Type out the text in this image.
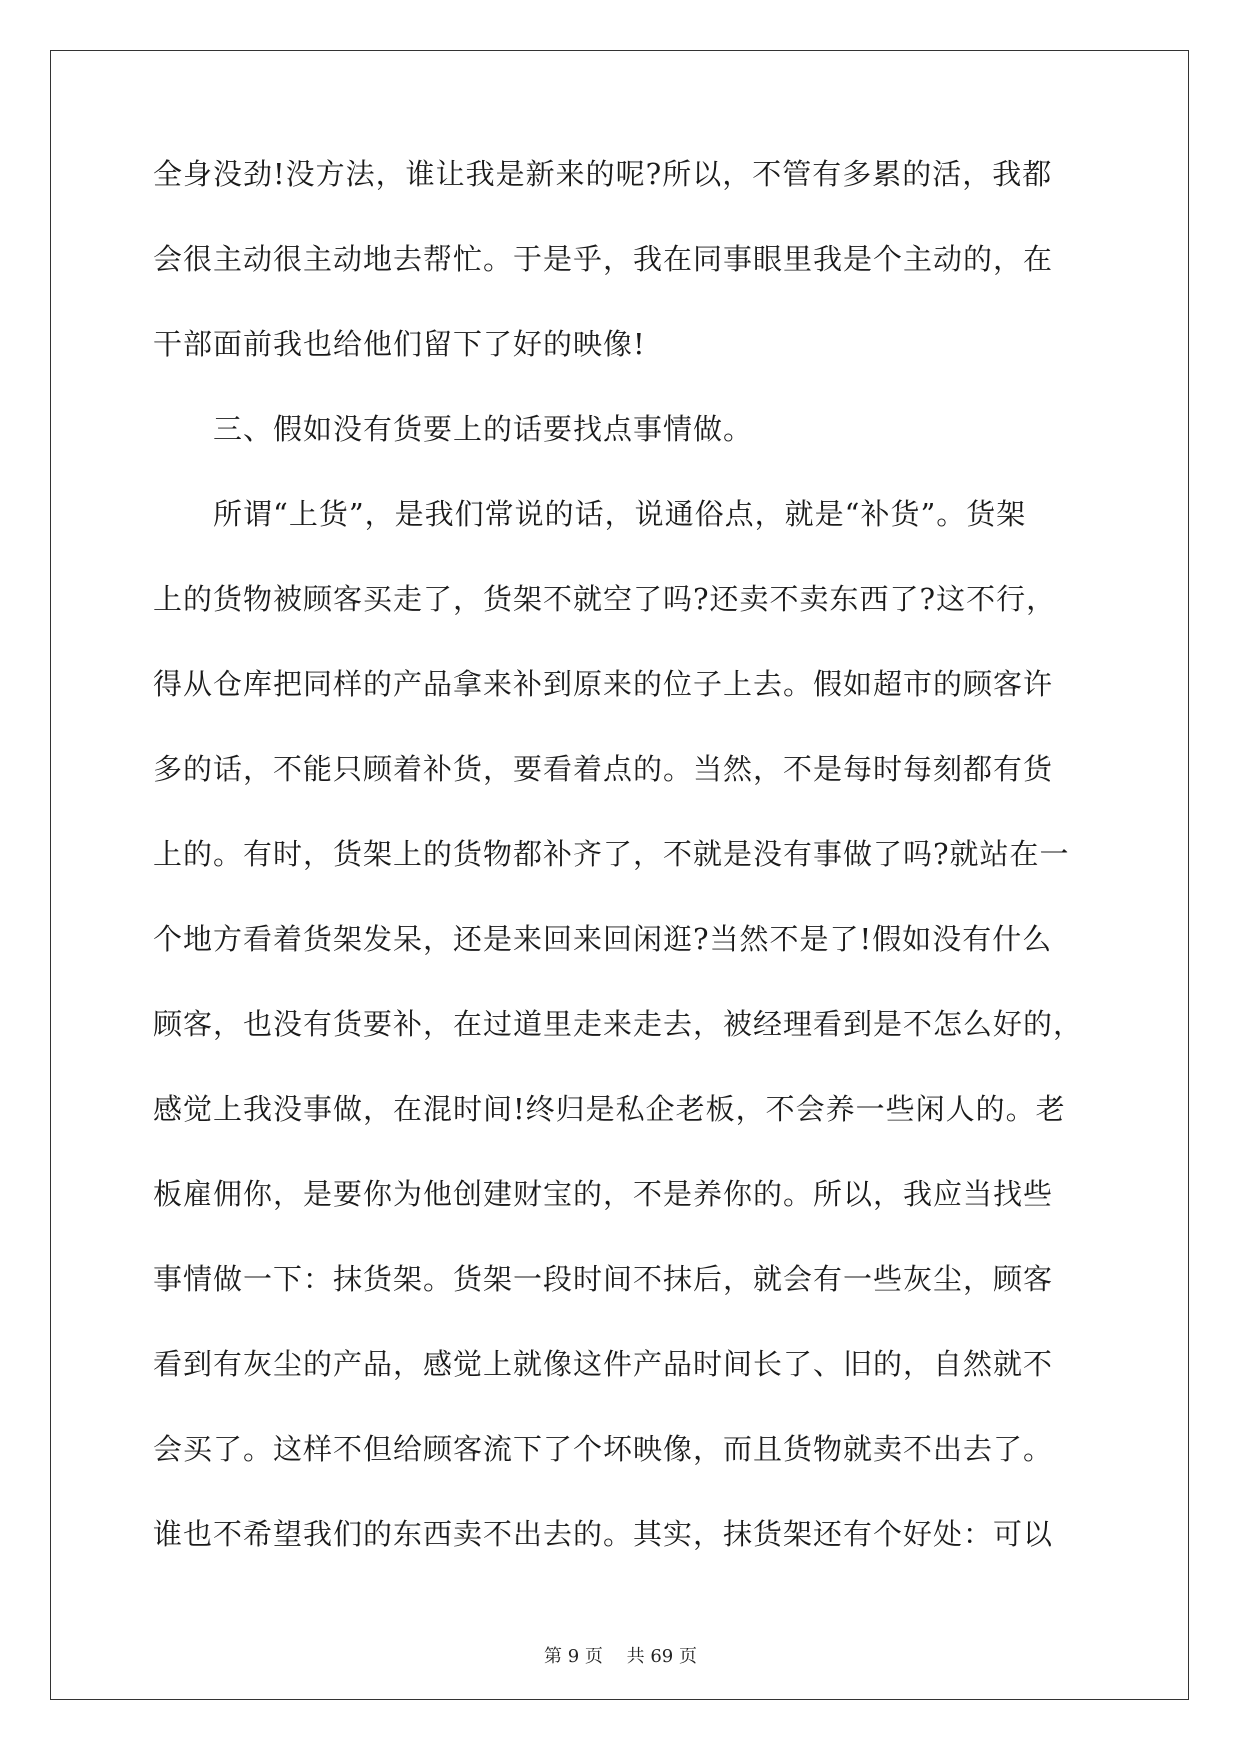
全身没劲!没方法，谁让我是新来的呢?所以，不管有多累的活，我都
会很主动很主动地去帮忙。于是乎，我在同事眼里我是个主动的，在
干部面前我也给他们留下了好的映像!
　　三、假如没有货要上的话要找点事情做。
　　所谓“上货”，是我们常说的话，说通俗点，就是“补货”。货架
上的货物被顾客买走了，货架不就空了吗?还卖不卖东西了?这不行，
得从仓库把同样的产品拿来补到原来的位子上去。假如超市的顾客许
多的话，不能只顾着补货，要看着点的。当然，不是每时每刻都有货
上的。有时，货架上的货物都补齐了，不就是没有事做了吗?就站在一
个地方看着货架发呆，还是来回来回闲逛?当然不是了!假如没有什么
顾客，也没有货要补，在过道里走来走去，被经理看到是不怎么好的，
感觉上我没事做，在混时间!终归是私企老板，不会养一些闲人的。老
板雇佣你，是要你为他创建财宝的，不是养你的。所以，我应当找些
事情做一下：抹货架。货架一段时间不抹后，就会有一些灰尘，顾客
看到有灰尘的产品，感觉上就像这件产品时间长了、旧的，自然就不
会买了。这样不但给顾客流下了个坏映像，而且货物就卖不出去了。
谁也不希望我们的东西卖不出去的。其实，抹货架还有个好处：可以
第 9 页　 共 69 页
